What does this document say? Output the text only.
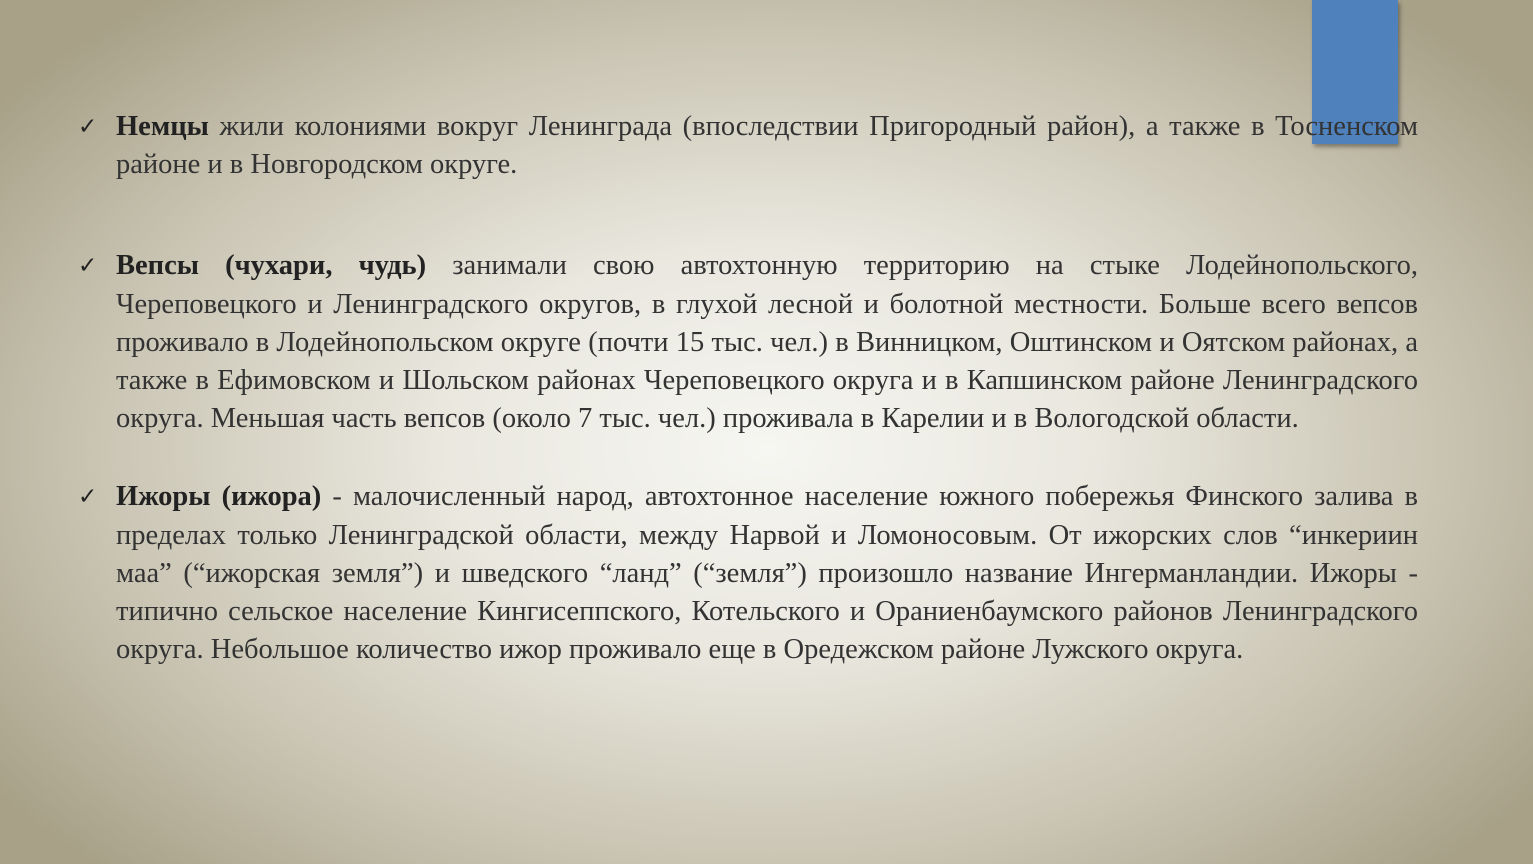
✓ Немцы жили колониями вокруг Ленинграда (впоследствии Пригородный район), а также в Тосненском районе и в Новгородском округе.

✓ Вепсы (чухари, чудь) занимали свою автохтонную территорию на стыке Лодейнопольского, Череповецкого и Ленинградского округов, в глухой лесной и болотной местности. Больше всего вепсов проживало в Лодейнопольском округе (почти 15 тыс. чел.) в Винницком, Оштинском и Оятском районах, а также в Ефимовском и Шольском районах Череповецкого округа и в Капшинском районе Ленинградского округа. Меньшая часть вепсов (около 7 тыс. чел.) проживала в Карелии и в Вологодской области.

✓ Ижоры (ижора) - малочисленный народ, автохтонное население южного побережья Финского залива в пределах только Ленинградской области, между Нарвой и Ломоносовым. От ижорских слов “инкериин маа” (“ижорская земля”) и шведского “ланд” (“земля”) произошло название Ингерманландии. Ижоры - типично сельское население Кингисеппского, Котельского и Ораниенбаумского районов Ленинградского округа. Небольшое количество ижор проживало еще в Оредежском районе Лужского округа.
